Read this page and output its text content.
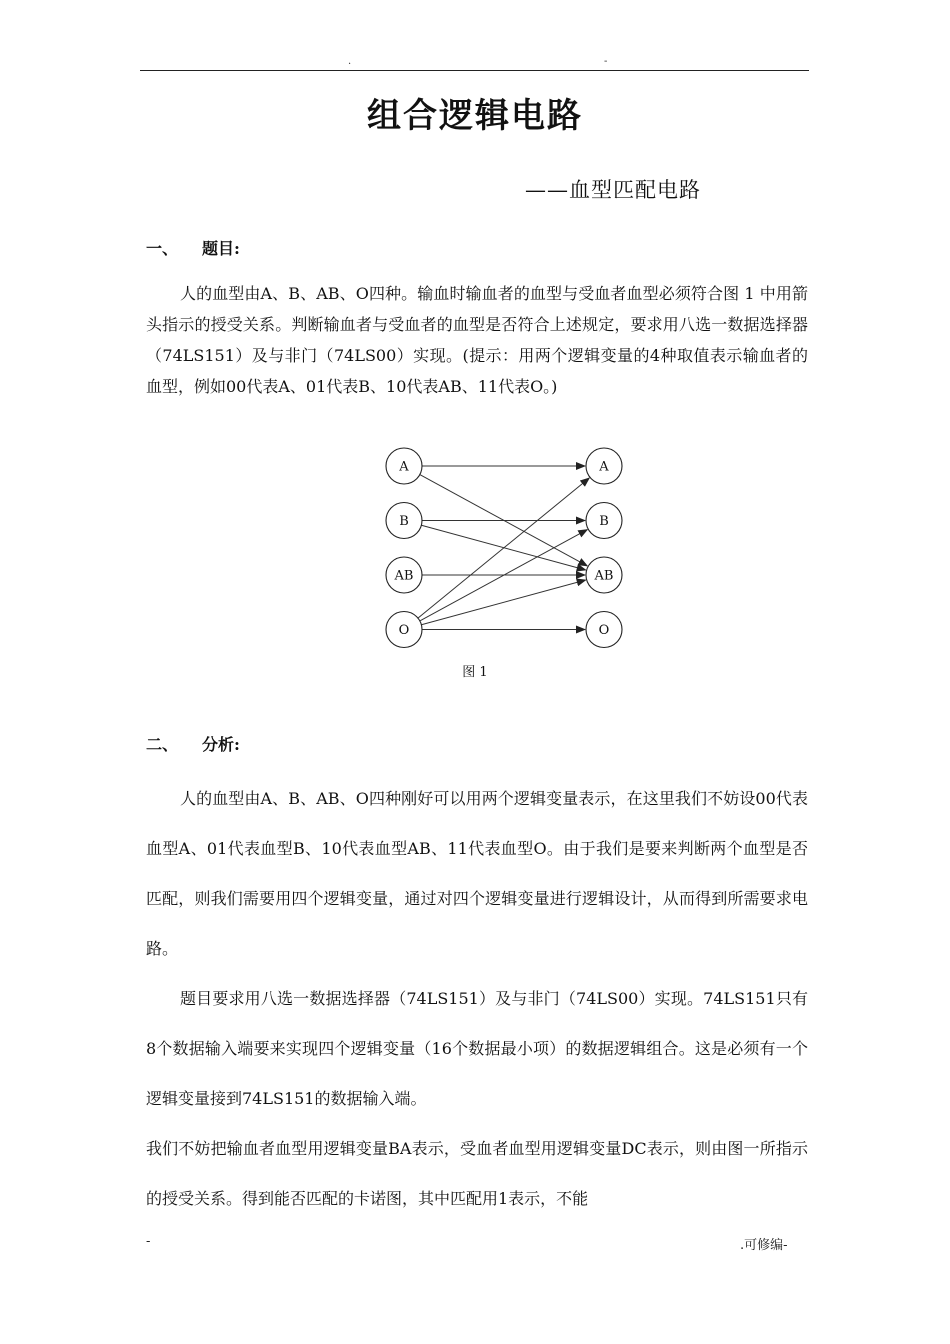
.	-
组合逻辑电路
——血型匹配电路
一、 题目:

人的血型由A、B、AB、O四种。输血时输血者的血型与受血者血型必须符合图 1 中用箭头指示的授受关系。判断输血者与受血者的血型是否符合上述规定，要求用八选一数据选择器（74LS151）及与非门（74LS00）实现。(提示：用两个逻辑变量的4种取值表示输血者的血型，例如00代表A、01代表B、10代表AB、11代表O。)

A
B
AB
O
A
B
AB
O
图 1
二、 分析:

人的血型由A、B、AB、O四种刚好可以用两个逻辑变量表示，在这里我们不妨设00代表血型A、01代表血型B、10代表血型AB、11代表血型O。由于我们是要来判断两个血型是否匹配，则我们需要用四个逻辑变量，通过对四个逻辑变量进行逻辑设计，从而得到所需要求电路。

题目要求用八选一数据选择器（74LS151）及与非门（74LS00）实现。74LS151只有8个数据输入端要来实现四个逻辑变量（16个数据最小项）的数据逻辑组合。这是必须有一个逻辑变量接到74LS151的数据输入端。

我们不妨把输血者血型用逻辑变量BA表示，受血者血型用逻辑变量DC表示，则由图一所指示的授受关系。得到能否匹配的卡诺图，其中匹配用1表示，不能

-	.可修编-
